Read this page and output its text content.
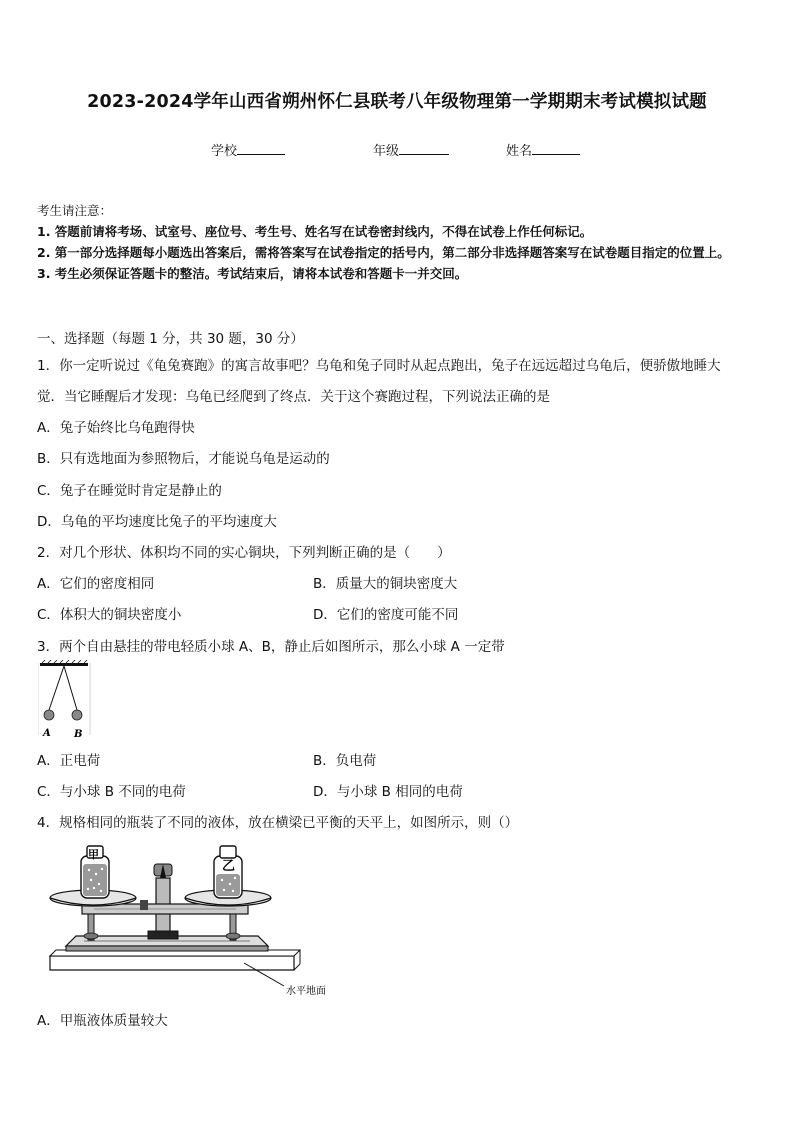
2023-2024学年山西省朔州怀仁县联考八年级物理第一学期期末考试模拟试题
学校	年级	姓名
考生请注意：
1. 答题前请将考场、试室号、座位号、考生号、姓名写在试卷密封线内，不得在试卷上作任何标记。
2. 第一部分选择题每小题选出答案后，需将答案写在试卷指定的括号内，第二部分非选择题答案写在试卷题目指定的位置上。
3. 考生必须保证答题卡的整洁。考试结束后，请将本试卷和答题卡一并交回。
一、选择题（每题 1 分，共 30 题，30 分）
1．你一定听说过《龟兔赛跑》的寓言故事吧？乌龟和兔子同时从起点跑出，兔子在远远超过乌龟后，便骄傲地睡大
觉．当它睡醒后才发现：乌龟已经爬到了终点．关于这个赛跑过程，下列说法正确的是
A．兔子始终比乌龟跑得快
B．只有选地面为参照物后，才能说乌龟是运动的
C．兔子在睡觉时肯定是静止的
D．乌龟的平均速度比兔子的平均速度大
2．对几个形状、体积均不同的实心铜块，下列判断正确的是（　　）
A．它们的密度相同	B．质量大的铜块密度大
C．体积大的铜块密度小	D．它们的密度可能不同
3．两个自由悬挂的带电轻质小球 A、B，静止后如图所示，那么小球 A 一定带
A B
A．正电荷	B．负电荷
C．与小球 B 不同的电荷	D．与小球 B 相同的电荷
4．规格相同的瓶装了不同的液体，放在横梁已平衡的天平上，如图所示，则（）
甲
乙
水平地面
A．甲瓶液体质量较大
